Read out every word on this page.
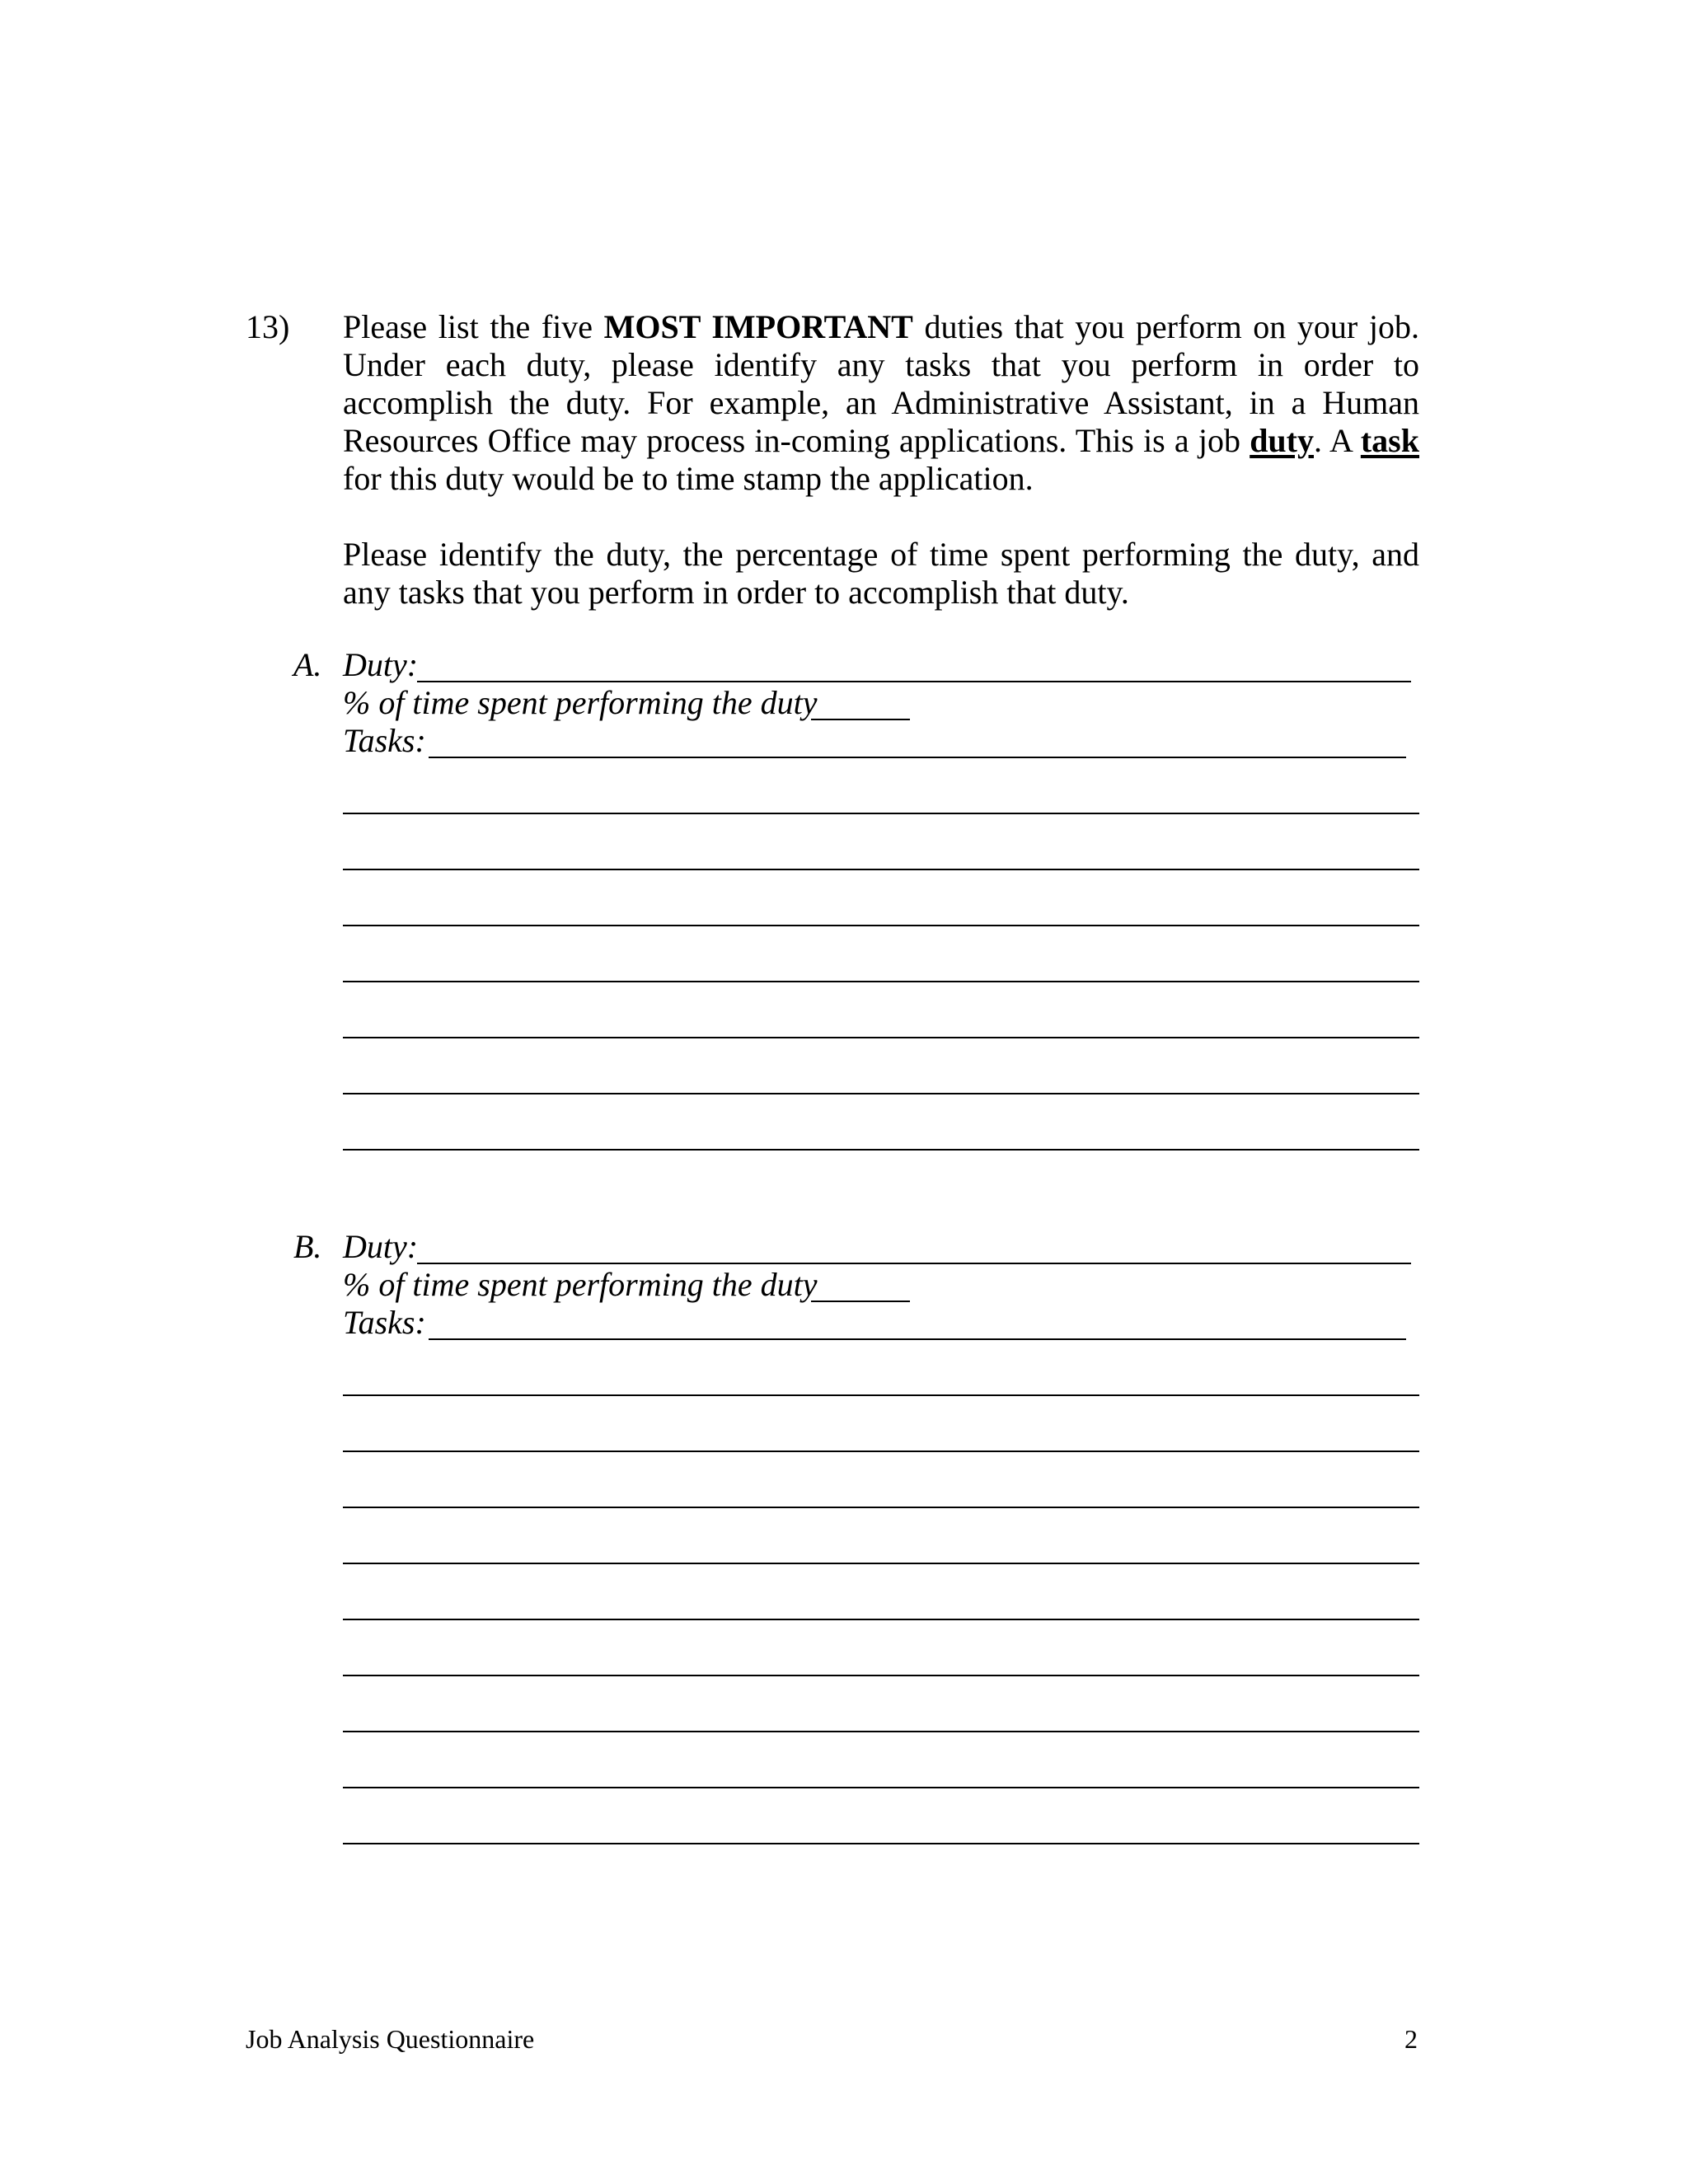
13) Please list the five MOST IMPORTANT duties that you perform on your job. Under each duty, please identify any tasks that you perform in order to accomplish the duty. For example, an Administrative Assistant, in a Human Resources Office may process in-coming applications. This is a job duty. A task for this duty would be to time stamp the application.
Please identify the duty, the percentage of time spent performing the duty, and any tasks that you perform in order to accomplish that duty.
A. Duty:
% of time spent performing the duty
Tasks:
B. Duty:
% of time spent performing the duty
Tasks:
Job Analysis Questionnaire	2
